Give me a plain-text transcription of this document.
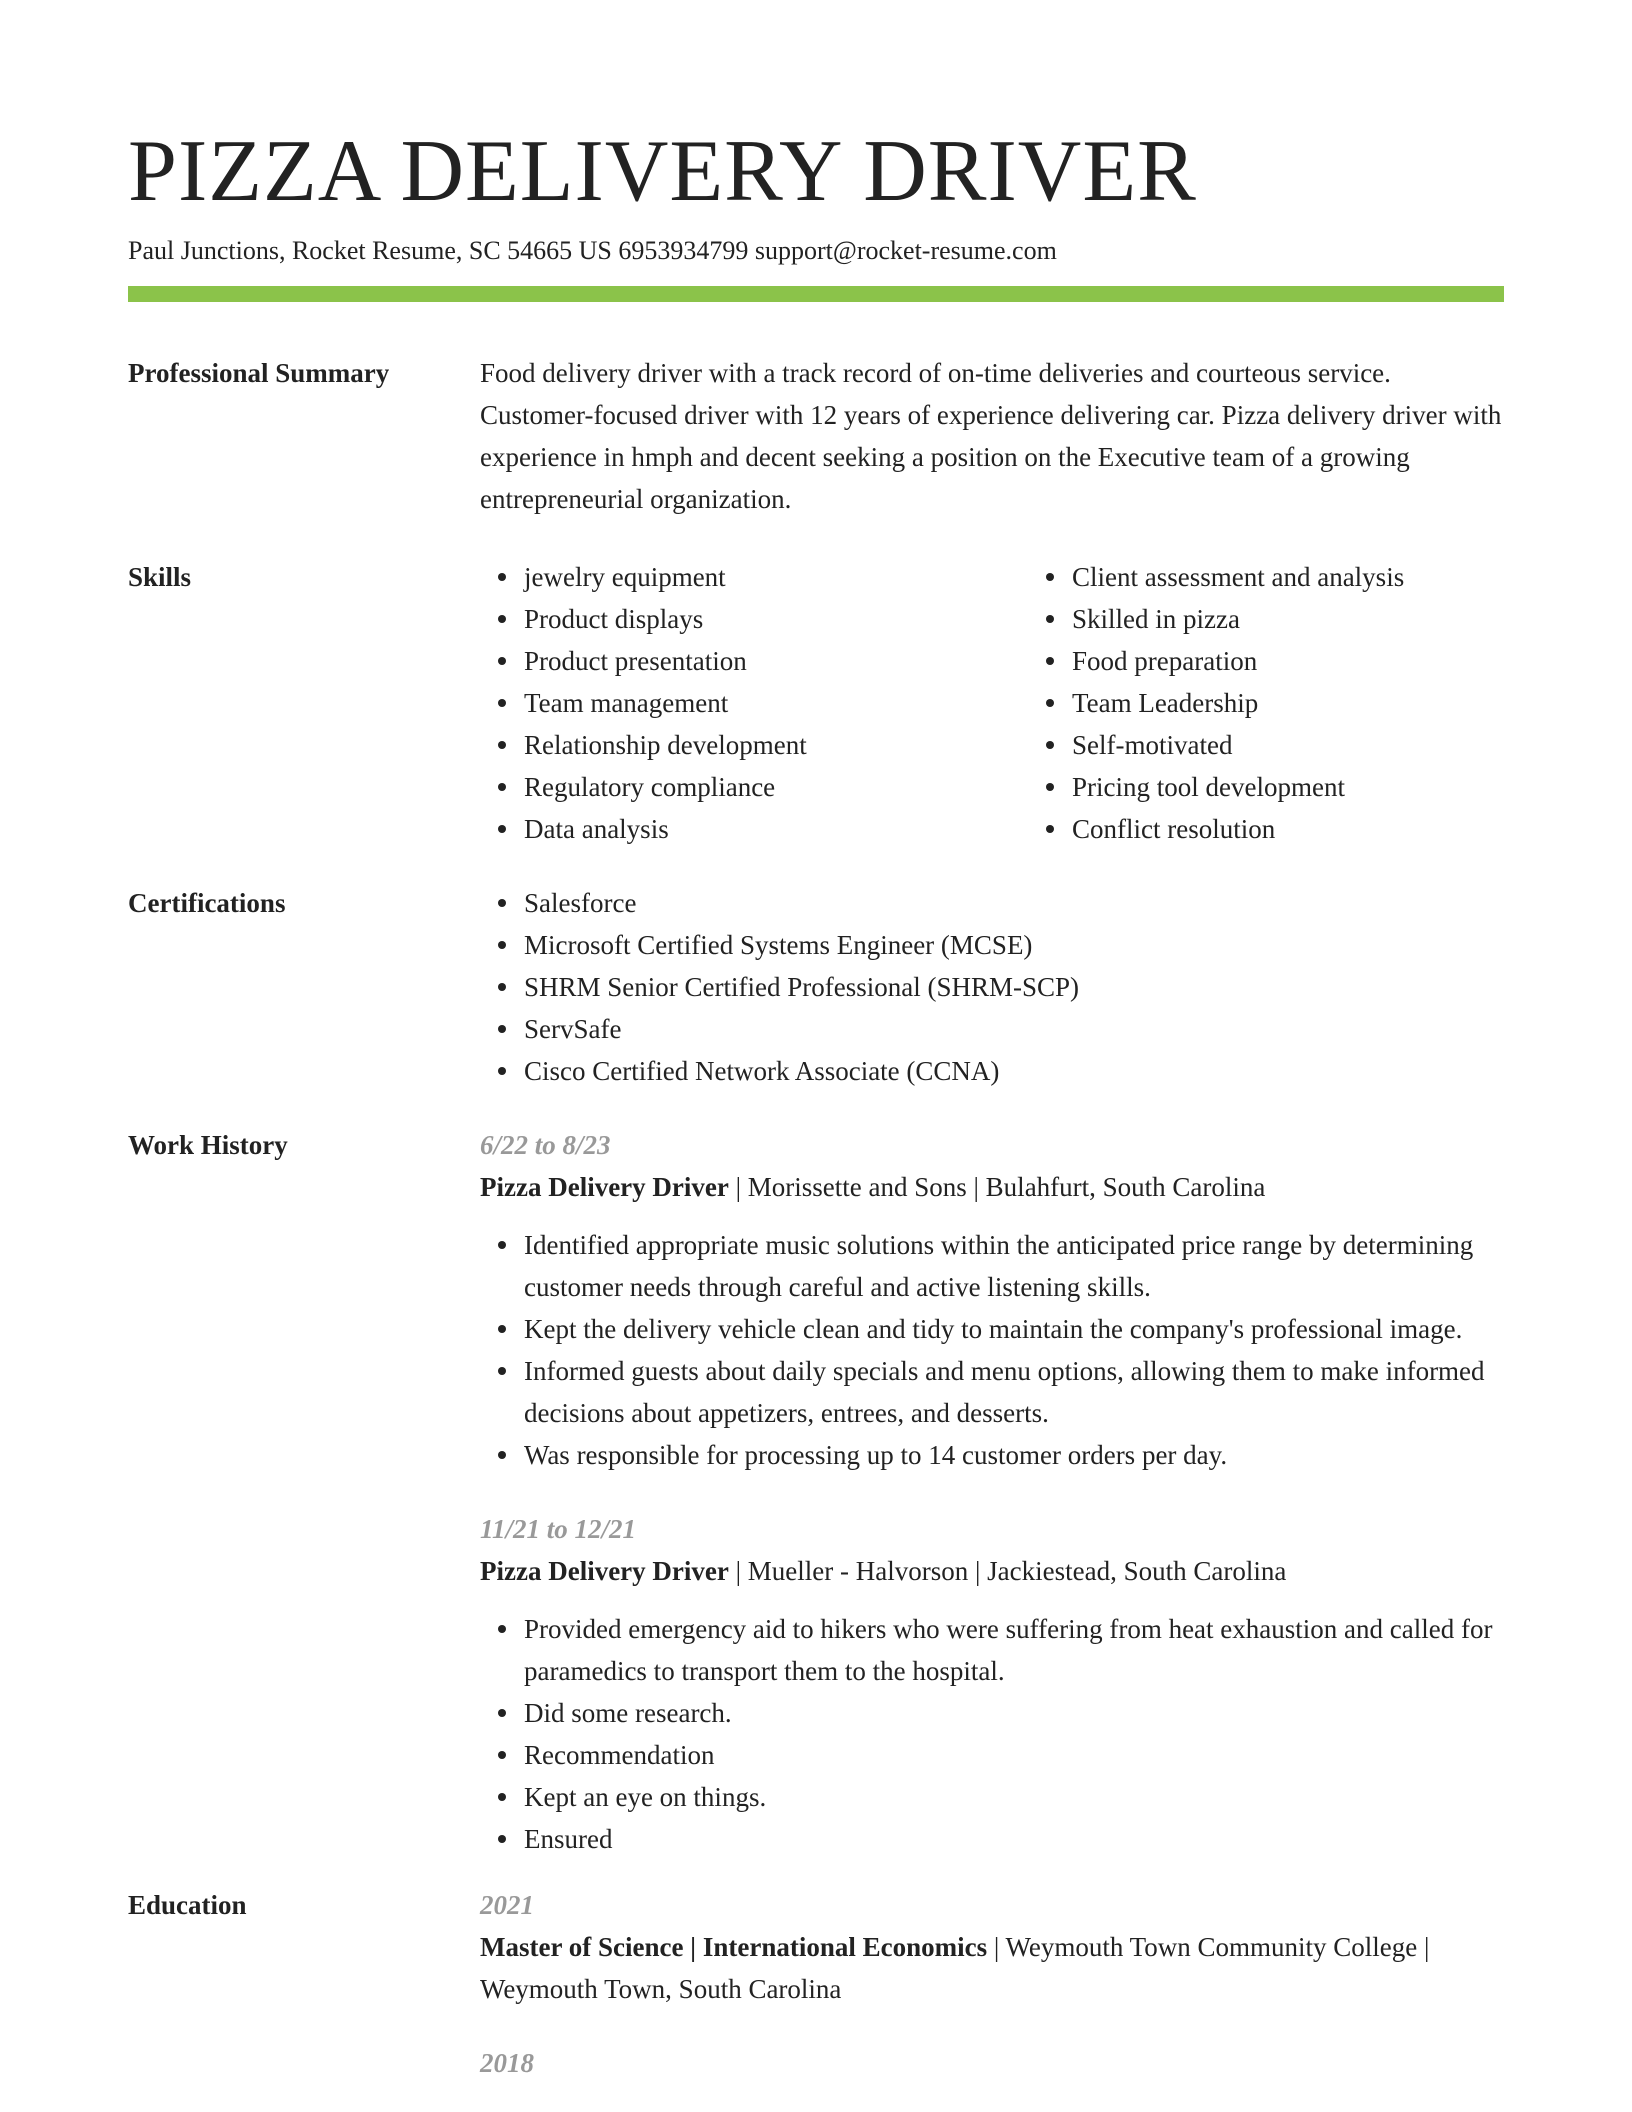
PIZZA DELIVERY DRIVER
Paul Junctions, Rocket Resume, SC 54665 US 6953934799 support@rocket-resume.com
Professional Summary	Food delivery driver with a track record of on-time deliveries and courteous service. Customer-focused driver with 12 years of experience delivering car. Pizza delivery driver with experience in hmph and decent seeking a position on the Executive team of a growing entrepreneurial organization.

Skills	jewelry equipment
Product displays
Product presentation
Team management
Relationship development
Regulatory compliance
Data analysis
Client assessment and analysis
Skilled in pizza
Food preparation
Team Leadership
Self-motivated
Pricing tool development
Conflict resolution
Certifications	Salesforce
Microsoft Certified Systems Engineer (MCSE)
SHRM Senior Certified Professional (SHRM-SCP)
ServSafe
Cisco Certified Network Associate (CCNA)
Work History	6/22 to 8/23
Pizza Delivery Driver | Morissette and Sons | Bulahfurt, South Carolina
Identified appropriate music solutions within the anticipated price range by determining customer needs through careful and active listening skills.
Kept the delivery vehicle clean and tidy to maintain the company's professional image.
Informed guests about daily specials and menu options, allowing them to make informed decisions about appetizers, entrees, and desserts.
Was responsible for processing up to 14 customer orders per day.
11/21 to 12/21
Pizza Delivery Driver | Mueller - Halvorson | Jackiestead, South Carolina
Provided emergency aid to hikers who were suffering from heat exhaustion and called for paramedics to transport them to the hospital.
Did some research.
Recommendation
Kept an eye on things.
Ensured
Education	2021
Master of Science | International Economics | Weymouth Town Community College | Weymouth Town, South Carolina
2018
